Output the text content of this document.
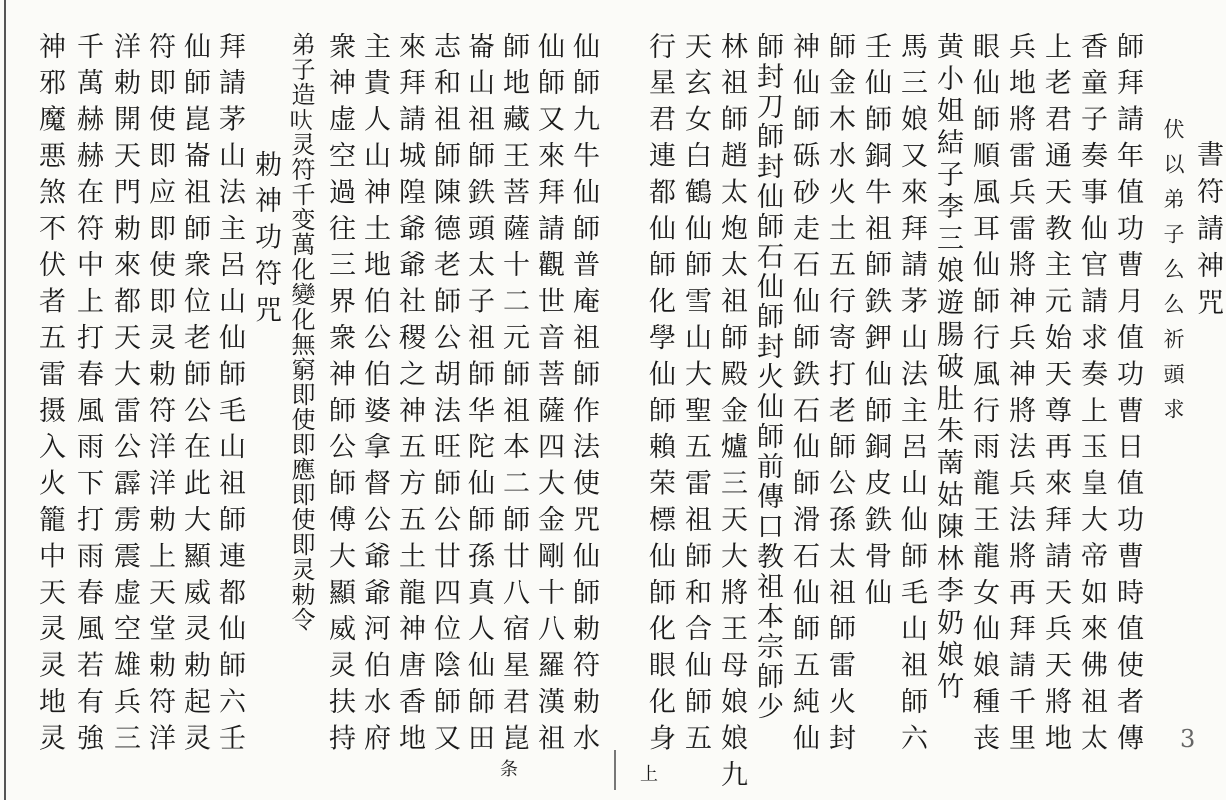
仙師九牛仙師普庵祖師作法使咒仙師勅符勅水
仙師又來拜請觀世音菩薩四大金剛十八羅漢祖
師地藏王菩薩十二元師祖本二師廿八宿星君崑
崙山祖師鉄頭太子祖師华陀仙師孫真人仙師田
志和祖師陳德老師公胡法旺師公廿四位陰師又
來拜請城隍爺爺社稷之神五方五土龍神唐香地
主貴人山神土地伯公伯婆拿督公爺爺河伯水府
衆神虚空過往三界衆神師公師傅大顯威灵扶持
弟子造𠯈灵符千变萬化變化無窮即使即應即使即灵勅令
勅神功符咒
拜請茅山法主呂山仙師毛山祖師連都仙師六壬
仙師崑崙祖師衆位老師公在此大顯威灵勅起灵
符即使即应即使即灵勅符洋洋勅上天堂勅符洋
洋勅開天門勅來都天大雷公霹雳震虚空雄兵三
千萬赫赫在符中上打春風雨下打雨春風若有強
神邪魔悪煞不伏者五雷摄入火籠中天灵灵地灵
条
書符請神咒
伏以弟子么么祈頭求
師拜請年值功曹月值功曹日值功曹時值使者傳
香童子奏事仙官請求奏上玉皇大帝如來佛祖太
上老君通天教主元始天尊再來拜請天兵天將地
兵地將雷兵雷將神兵神將法兵法將再拜請千里
眼仙師順風耳仙師行風行雨龍王龍女仙娘種丧
黄小姐結子李三娘遊腸破肚朱萳姑陳林李奶娘竹
馬三娘又來拜請茅山法主呂山仙師毛山祖師六
壬仙師銅牛祖師鉄鉀仙師銅皮鉄骨仙
師金木水火土五行寄打老師公孫太祖師雷火封
神仙師砾砂走石仙師鉄石仙師滑石仙師五純仙
師封刀師封仙師石仙師封火仙師前傳口教祖本宗師少
林祖師趙太炮太祖師殿金爐三天大將王母娘娘九
天玄女白鶴仙師雪山大聖五雷祖師和合仙師五
行星君連都仙師化學仙師賴荣標仙師化眼化身
上
3
